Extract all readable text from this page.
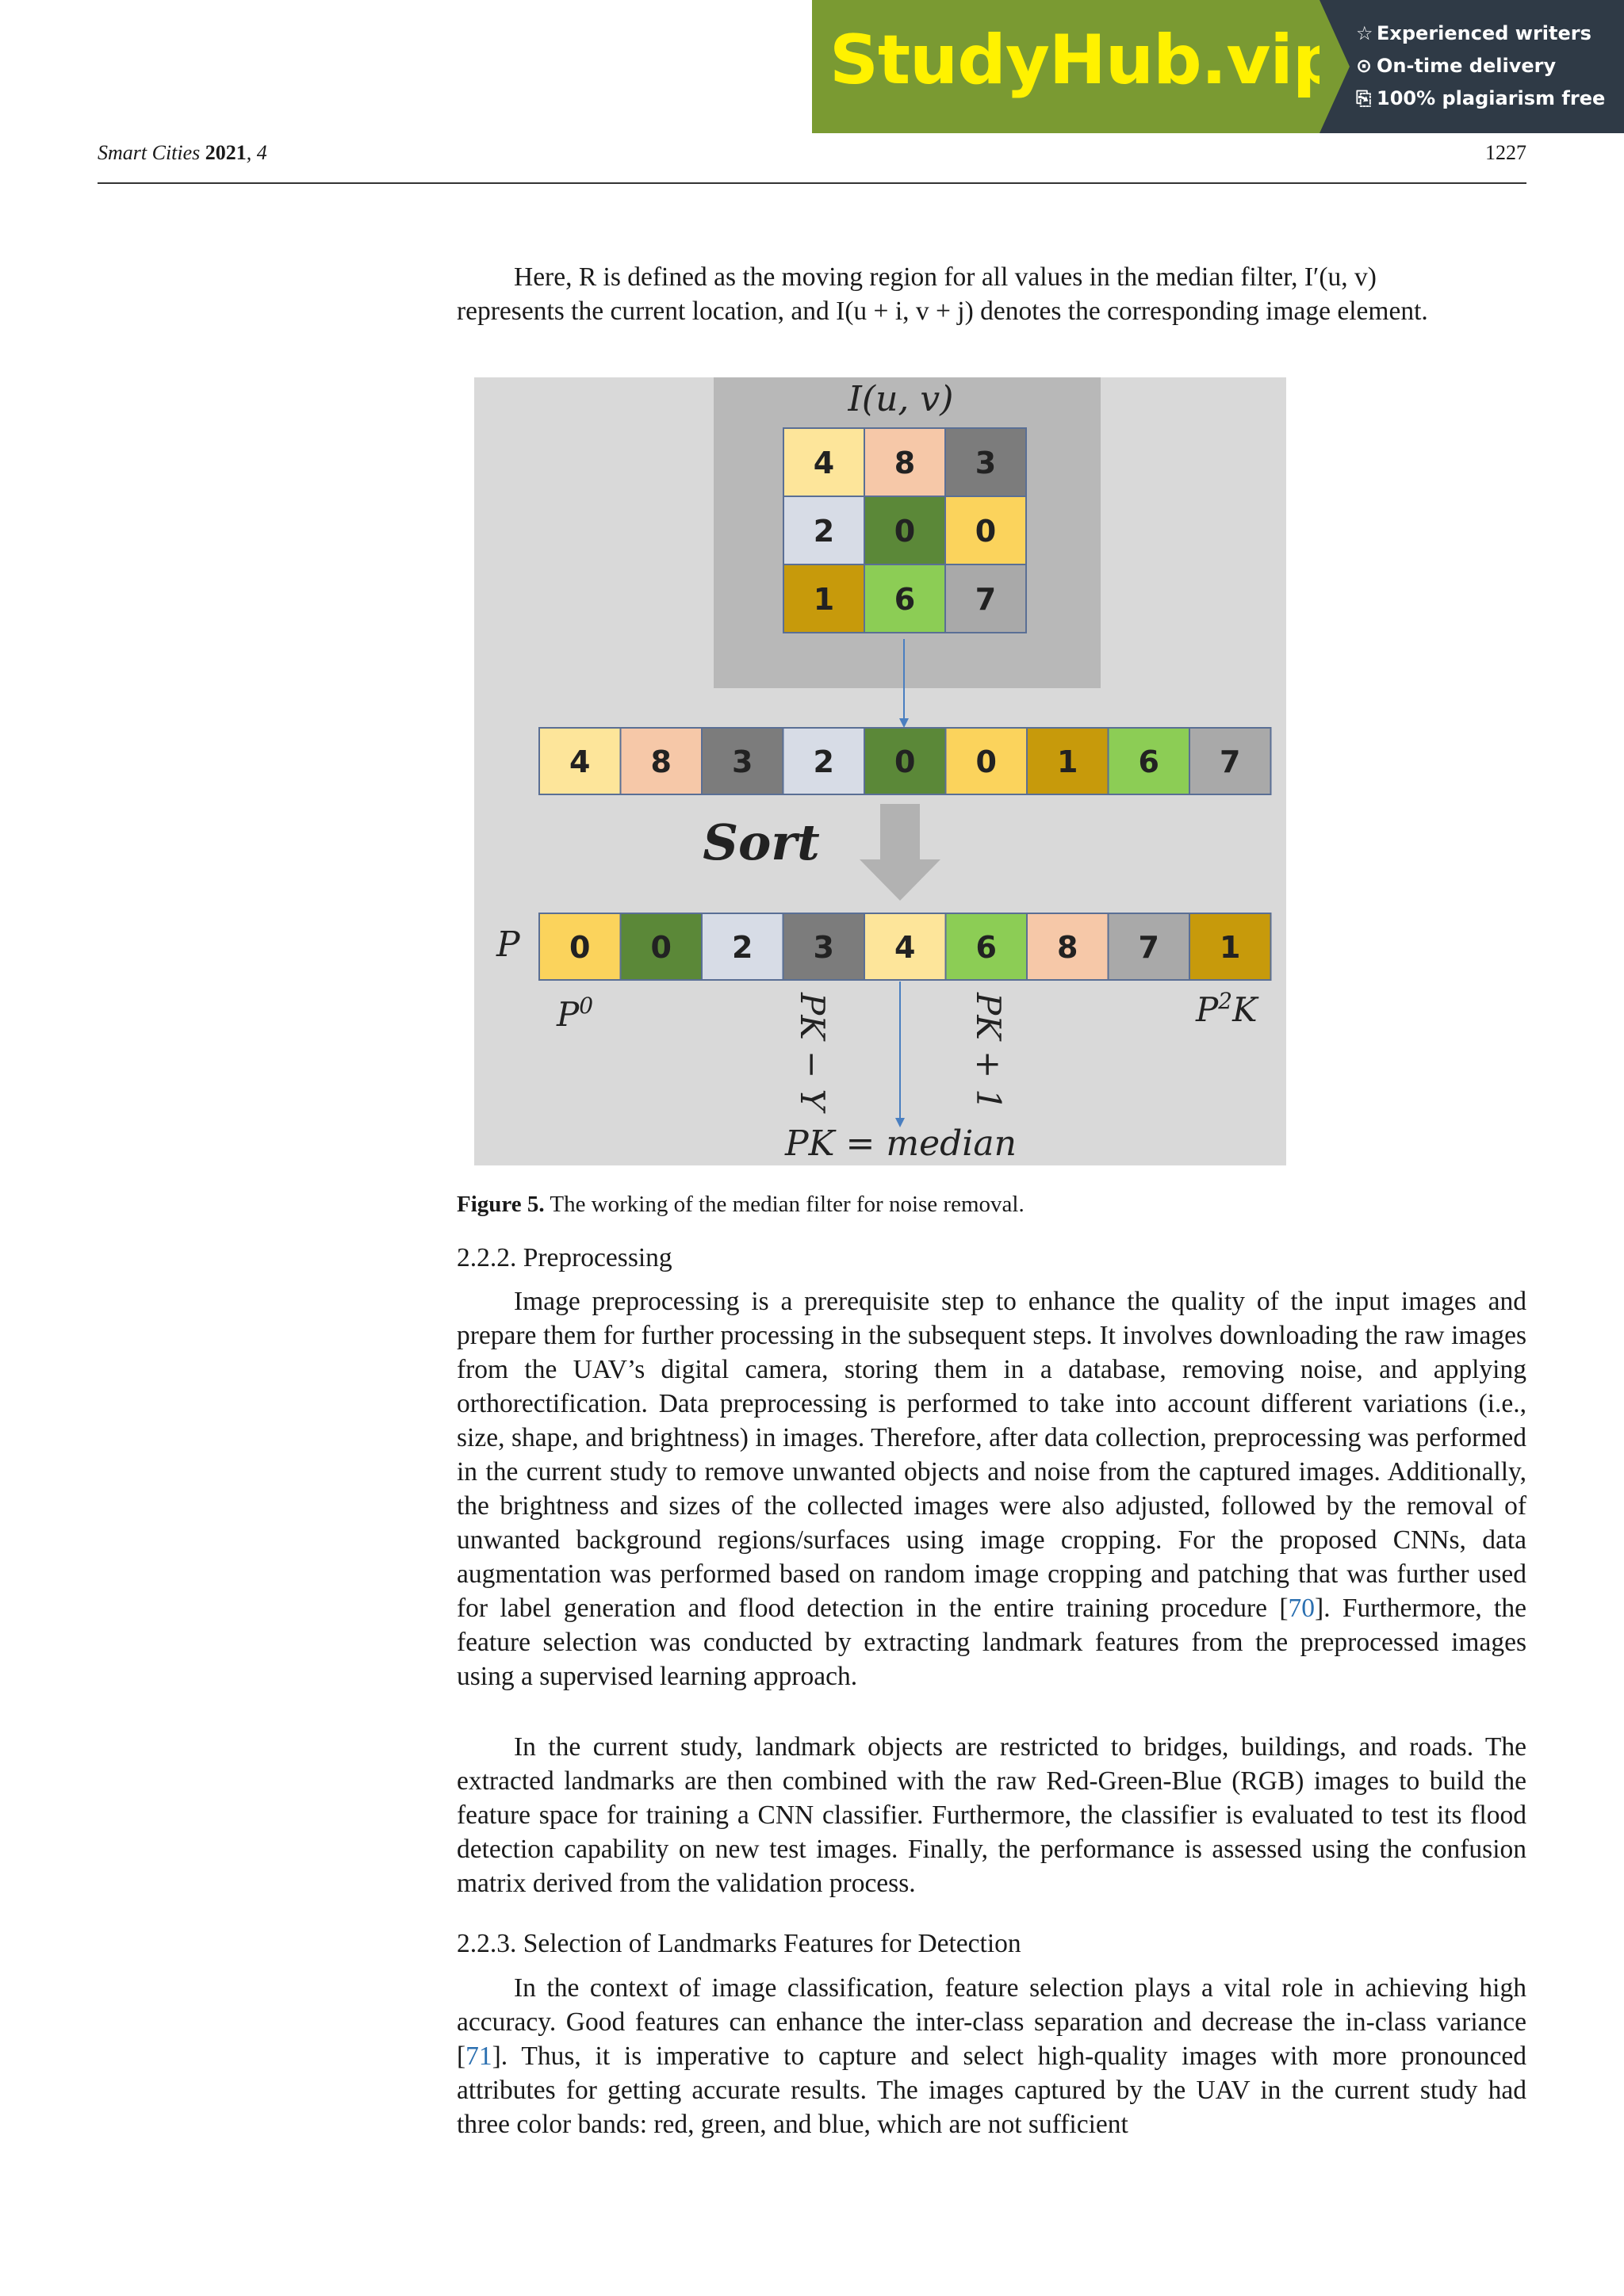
StudyHub.vip ☆ Experienced writers
⊙ On-time delivery
⎘ 100% plagiarism free
Smart Cities 2021, 4	1227

Here, R is defined as the moving region for all values in the median filter, I′(u, v)
represents the current location, and I(u + i, v + j) denotes the corresponding image element.

I(u, v)
4 8 3
2 0 0
1 6 7
4 8 3 2 0 0 1 6 7
Sort
P 0 0 2 3 4 6 8 7 1
$P^0$	PK − Y	PK + 1	$P^2K$
PK = median
Figure 5. The working of the median filter for noise removal.
2.2.2. Preprocessing

Image preprocessing is a prerequisite step to enhance the quality of the input images and prepare them for further processing in the subsequent steps. It involves downloading the raw images from the UAV’s digital camera, storing them in a database, removing noise, and applying orthorectification. Data preprocessing is performed to take into account different variations (i.e., size, shape, and brightness) in images. Therefore, after data collection, preprocessing was performed in the current study to remove unwanted objects and noise from the captured images. Additionally, the brightness and sizes of the collected images were also adjusted, followed by the removal of unwanted background regions/surfaces using image cropping. For the proposed CNNs, data augmentation was performed based on random image cropping and patching that was further used for label generation and flood detection in the entire training procedure [70]. Furthermore, the feature selection was conducted by extracting landmark features from the preprocessed images using a supervised learning approach.

In the current study, landmark objects are restricted to bridges, buildings, and roads. The extracted landmarks are then combined with the raw Red-Green-Blue (RGB) images to build the feature space for training a CNN classifier. Furthermore, the classifier is evaluated to test its flood detection capability on new test images. Finally, the performance is assessed using the confusion matrix derived from the validation process.

2.2.3. Selection of Landmarks Features for Detection

In the context of image classification, feature selection plays a vital role in achieving high accuracy. Good features can enhance the inter-class separation and decrease the in-class variance [71]. Thus, it is imperative to capture and select high-quality images with more pronounced attributes for getting accurate results. The images captured by the UAV in the current study had three color bands: red, green, and blue, which are not sufficient
